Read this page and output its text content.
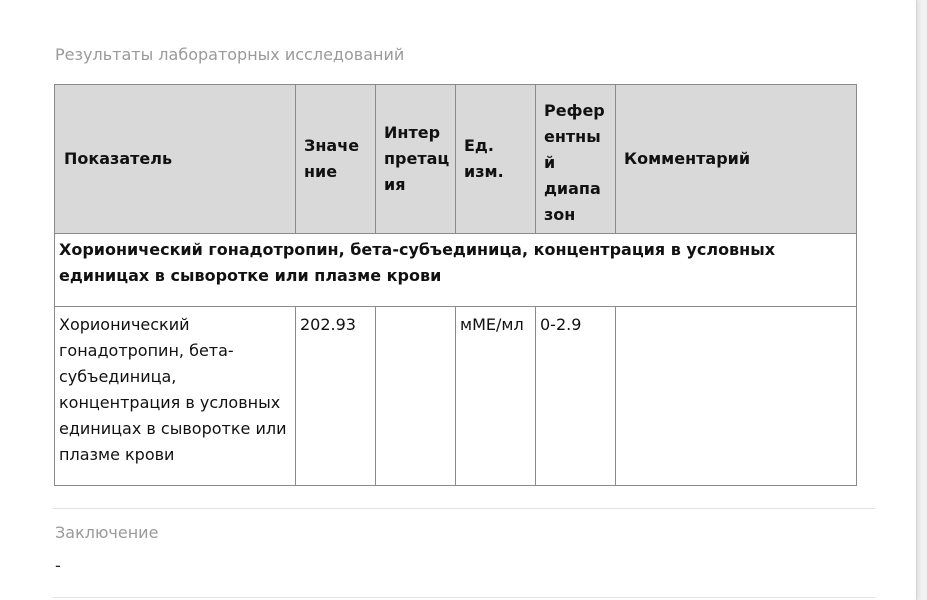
Результаты лабораторных исследований
Показатель	Значе ние	Интер претац ия	Ед. изм.	Рефер ентны й диапа зон	Комментарий

Хорионический гонадотропин, бета-субъединица, концентрация в условных единицах в сыворотке или плазме крови					

Хорионический гонадотропин, бета-субъединица, концентрация в условных единицах в сыворотке или плазме крови	202.93		мМЕ/мл	0-2.9	

Заключение
-
